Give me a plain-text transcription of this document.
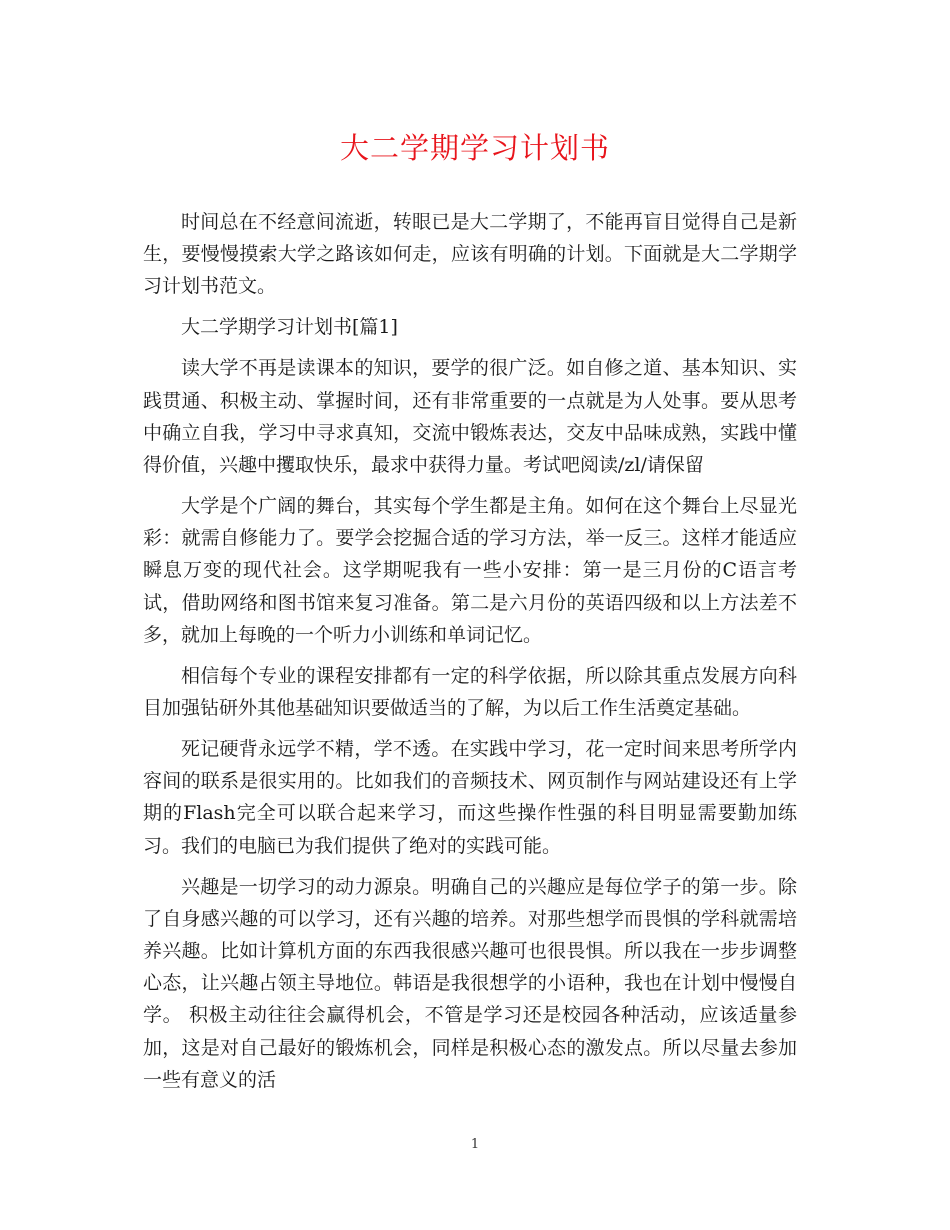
大二学期学习计划书

时间总在不经意间流逝，转眼已是大二学期了，不能再盲目觉得自己是新生，要慢慢摸索大学之路该如何走，应该有明确的计划。下面就是大二学期学习计划书范文。

大二学期学习计划书[篇1]

读大学不再是读课本的知识，要学的很广泛。如自修之道、基本知识、实践贯通、积极主动、掌握时间，还有非常重要的一点就是为人处事。要从思考中确立自我，学习中寻求真知，交流中锻炼表达，交友中品味成熟，实践中懂得价值，兴趣中攫取快乐，最求中获得力量。考试吧阅读/zl/请保留

大学是个广阔的舞台，其实每个学生都是主角。如何在这个舞台上尽显光彩：就需自修能力了。要学会挖掘合适的学习方法，举一反三。这样才能适应瞬息万变的现代社会。这学期呢我有一些小安排：第一是三月份的C语言考试，借助网络和图书馆来复习准备。第二是六月份的英语四级和以上方法差不多，就加上每晚的一个听力小训练和单词记忆。

相信每个专业的课程安排都有一定的科学依据，所以除其重点发展方向科目加强钻研外其他基础知识要做适当的了解，为以后工作生活奠定基础。

死记硬背永远学不精，学不透。在实践中学习，花一定时间来思考所学内容间的联系是很实用的。比如我们的音频技术、网页制作与网站建设还有上学期的Flash完全可以联合起来学习，而这些操作性强的科目明显需要勤加练习。我们的电脑已为我们提供了绝对的实践可能。

兴趣是一切学习的动力源泉。明确自己的兴趣应是每位学子的第一步。除了自身感兴趣的可以学习，还有兴趣的培养。对那些想学而畏惧的学科就需培养兴趣。比如计算机方面的东西我很感兴趣可也很畏惧。所以我在一步步调整心态，让兴趣占领主导地位。韩语是我很想学的小语种，我也在计划中慢慢自学。 积极主动往往会赢得机会，不管是学习还是校园各种活动，应该适量参加，这是对自己最好的锻炼机会，同样是积极心态的激发点。所以尽量去参加一些有意义的活

1
